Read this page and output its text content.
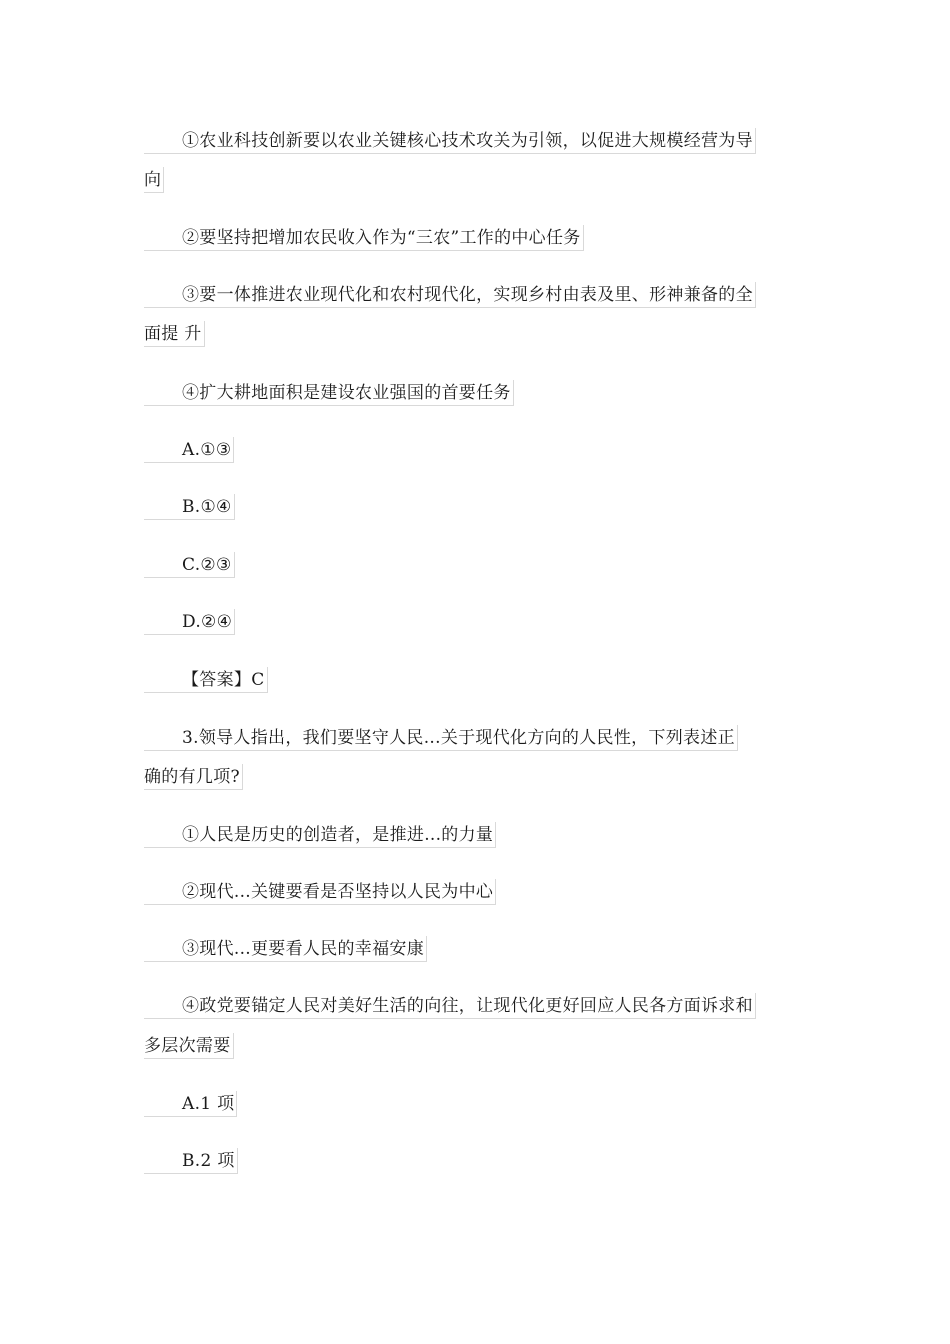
①农业科技创新要以农业关键核心技术攻关为引领，以促进大规模经营为导
向
②要坚持把增加农民收入作为“三农”工作的中心任务
③要一体推进农业现代化和农村现代化，实现乡村由表及里、形神兼备的全
面提 升
④扩大耕地面积是建设农业强国的首要任务
A.①③
B.①④
C.②③
D.②④
【答案】C
3.领导人指出，我们要坚守人民...关于现代化方向的人民性，下列表述正
确的有几项?
①人民是历史的创造者，是推进...的力量
②现代...关键要看是否坚持以人民为中心
③现代...更要看人民的幸福安康
④政党要锚定人民对美好生活的向往，让现代化更好回应人民各方面诉求和
多层次需要
A.1 项
B.2 项
